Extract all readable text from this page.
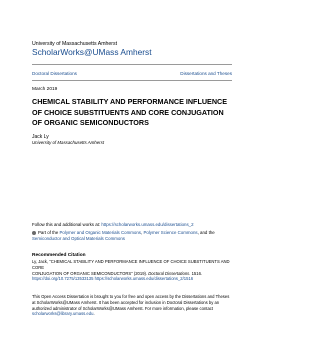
University of Massachusetts Amherst
ScholarWorks@UMass Amherst
Doctoral Dissertations	Dissertations and Theses
March 2019
CHEMICAL STABILITY AND PERFORMANCE INFLUENCE OF CHOICE SUBSTITUENTS AND CORE CONJUGATION OF ORGANIC SEMICONDUCTORS
Jack Ly
University of Massachusetts Amherst
Follow this and additional works at: https://scholarworks.umass.edu/dissertations_2
Part of the Polymer and Organic Materials Commons, Polymer Science Commons, and the
Semiconductor and Optical Materials Commons
Recommended Citation
Ly, Jack, "CHEMICAL STABILITY AND PERFORMANCE INFLUENCE OF CHOICE SUBSTITUENTS AND CORE
CONJUGATION OF ORGANIC SEMICONDUCTORS" (2019). Doctoral Dissertations. 1516.
https://doi.org/10.7275/13533135 https://scholarworks.umass.edu/dissertations_2/1516
This Open Access Dissertation is brought to you for free and open access by the Dissertations and Theses at ScholarWorks@UMass Amherst. It has been accepted for inclusion in Doctoral Dissertations by an authorized administrator of ScholarWorks@UMass Amherst. For more information, please contact
scholarworks@library.umass.edu.
